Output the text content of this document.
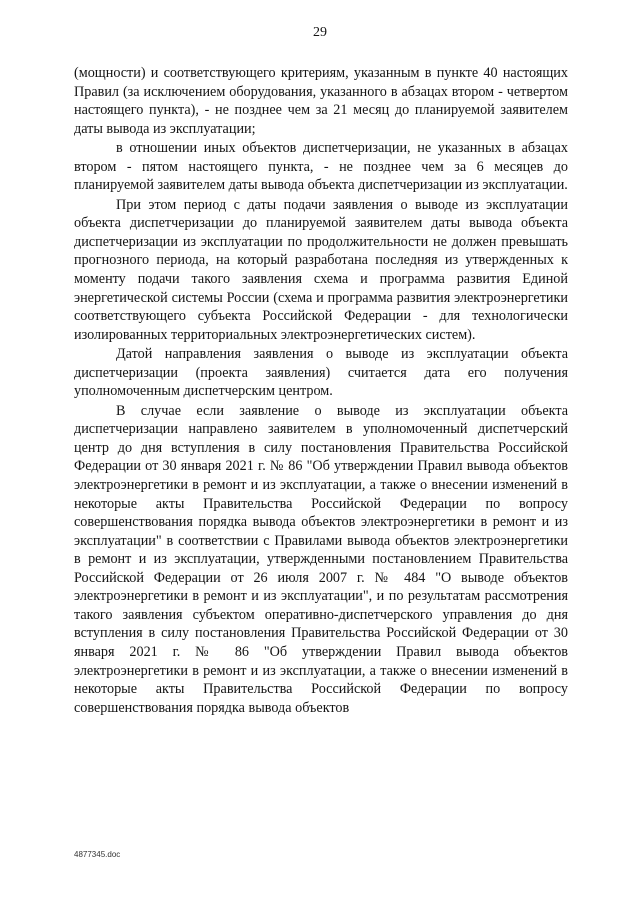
29

(мощности) и соответствующего критериям, указанным в пункте 40 настоящих Правил (за исключением оборудования, указанного в абзацах втором - четвертом настоящего пункта), - не позднее чем за 21 месяц до планируемой заявителем даты вывода из эксплуатации;

в отношении иных объектов диспетчеризации, не указанных в абзацах втором - пятом настоящего пункта, - не позднее чем за 6 месяцев до планируемой заявителем даты вывода объекта диспетчеризации из эксплуатации.

При этом период с даты подачи заявления о выводе из эксплуатации объекта диспетчеризации до планируемой заявителем даты вывода объекта диспетчеризации из эксплуатации по продолжительности не должен превышать прогнозного периода, на который разработана последняя из утвержденных к моменту подачи такого заявления схема и программа развития Единой энергетической системы России (схема и программа развития электроэнергетики соответствующего субъекта Российской Федерации - для технологически изолированных территориальных электроэнергетических систем).

Датой направления заявления о выводе из эксплуатации объекта диспетчеризации (проекта заявления) считается дата его получения уполномоченным диспетчерским центром.

В случае если заявление о выводе из эксплуатации объекта диспетчеризации направлено заявителем в уполномоченный диспетчерский центр до дня вступления в силу постановления Правительства Российской Федерации от 30 января 2021 г. № 86 "Об утверждении Правил вывода объектов электроэнергетики в ремонт и из эксплуатации, а также о внесении изменений в некоторые акты Правительства Российской Федерации по вопросу совершенствования порядка вывода объектов электроэнергетики в ремонт и из эксплуатации" в соответствии с Правилами вывода объектов электроэнергетики в ремонт и из эксплуатации, утвержденными постановлением Правительства Российской Федерации от 26 июля 2007 г. № 484 "О выводе объектов электроэнергетики в ремонт и из эксплуатации", и по результатам рассмотрения такого заявления субъектом оперативно-диспетчерского управления до дня вступления в силу постановления Правительства Российской Федерации от 30 января 2021 г. № 86 "Об утверждении Правил вывода объектов электроэнергетики в ремонт и из эксплуатации, а также о внесении изменений в некоторые акты Правительства Российской Федерации по вопросу совершенствования порядка вывода объектов

4877345.doc
